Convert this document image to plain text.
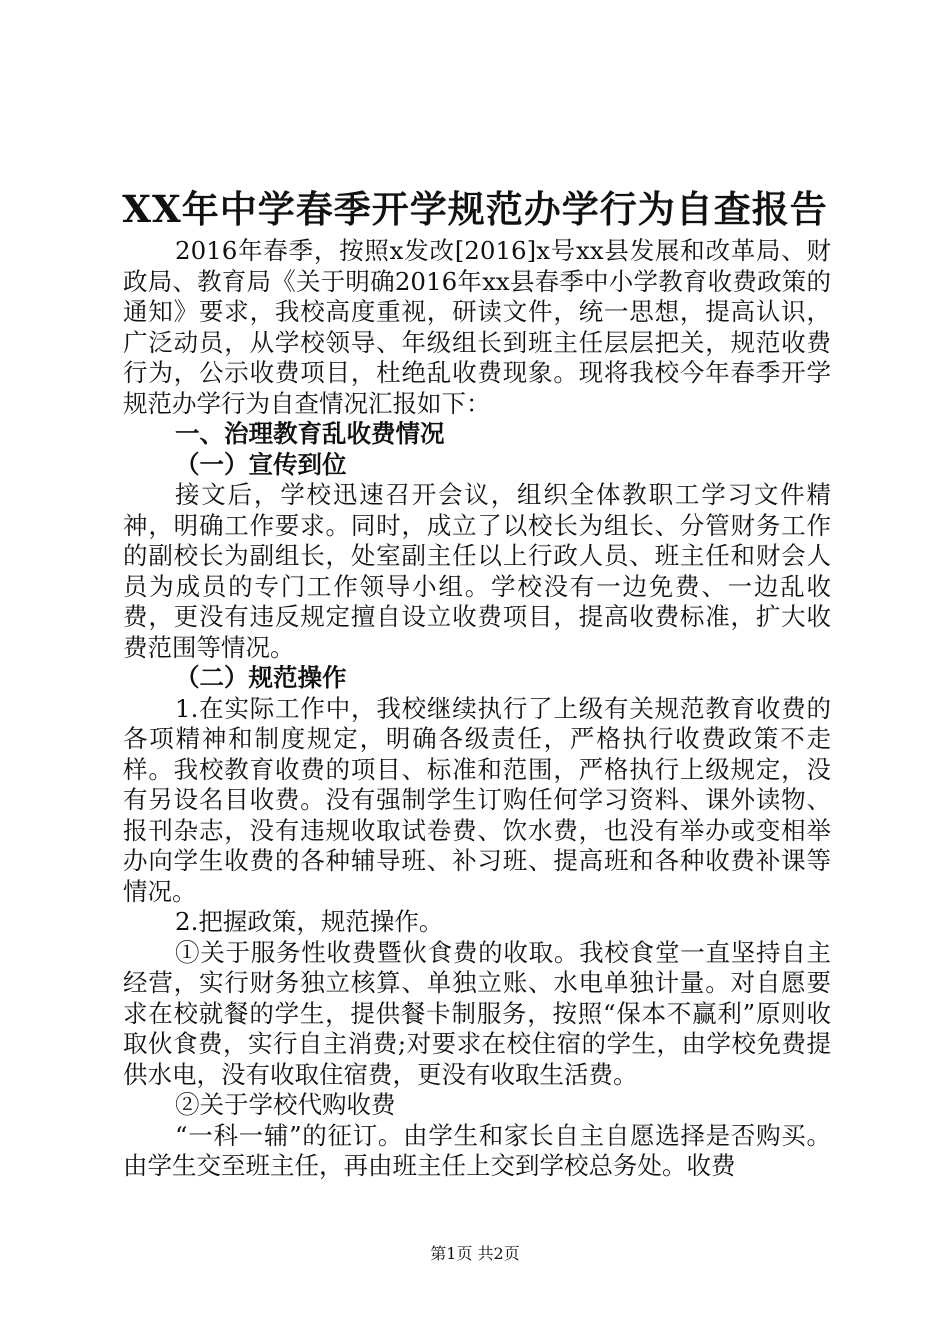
XX年中学春季开学规范办学行为自查报告

2016年春季，按照x发改[2016]x号xx县发展和改革局、财政局、教育局《关于明确2016年xx县春季中小学教育收费政策的通知》要求，我校高度重视，研读文件，统一思想，提高认识，广泛动员，从学校领导、年级组长到班主任层层把关，规范收费行为，公示收费项目，杜绝乱收费现象。现将我校今年春季开学规范办学行为自查情况汇报如下：

一、治理教育乱收费情况

（一）宣传到位

接文后，学校迅速召开会议，组织全体教职工学习文件精神，明确工作要求。同时，成立了以校长为组长、分管财务工作的副校长为副组长，处室副主任以上行政人员、班主任和财会人员为成员的专门工作领导小组。学校没有一边免费、一边乱收费，更没有违反规定擅自设立收费项目，提高收费标准，扩大收费范围等情况。

（二）规范操作

1.在实际工作中，我校继续执行了上级有关规范教育收费的各项精神和制度规定，明确各级责任，严格执行收费政策不走样。我校教育收费的项目、标准和范围，严格执行上级规定，没有另设名目收费。没有强制学生订购任何学习资料、课外读物、报刊杂志，没有违规收取试卷费、饮水费，也没有举办或变相举办向学生收费的各种辅导班、补习班、提高班和各种收费补课等情况。

2.把握政策，规范操作。

①关于服务性收费暨伙食费的收取。我校食堂一直坚持自主经营，实行财务独立核算、单独立账、水电单独计量。对自愿要求在校就餐的学生，提供餐卡制服务，按照“保本不赢利”原则收取伙食费，实行自主消费;对要求在校住宿的学生，由学校免费提供水电，没有收取住宿费，更没有收取生活费。

②关于学校代购收费

“一科一辅”的征订。由学生和家长自主自愿选择是否购买。由学生交至班主任，再由班主任上交到学校总务处。收费

第1页 共2页
